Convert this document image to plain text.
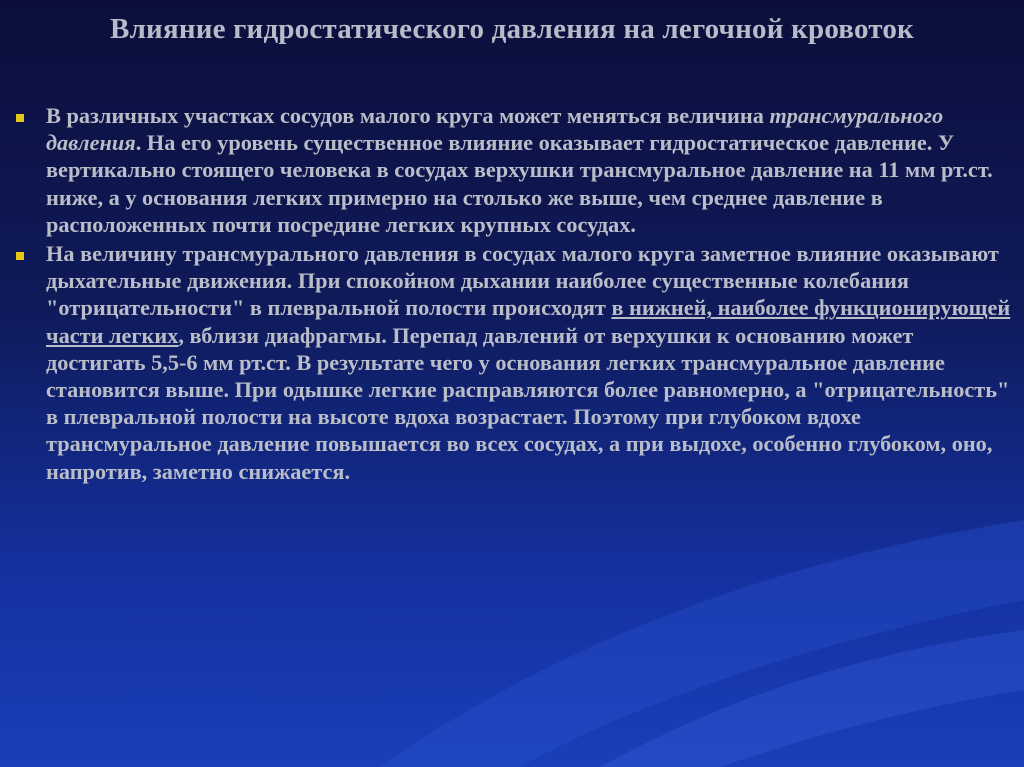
Влияние гидростатического давления на легочной кровоток
В различных участках сосудов малого круга может меняться величина трансмурального давления. На его уровень существенное влияние оказывает гидростатическое давление. У вертикально стоящего человека в сосудах верхушки трансмуральное давление на 11 мм рт.ст. ниже, а у основания легких примерно на столько же выше, чем среднее давление в расположенных почти посредине легких крупных сосудах.
На величину трансмурального давления в сосудах малого круга заметное влияние оказывают дыхательные движения. При спокойном дыхании наиболее существенные колебания "отрицательности" в плевральной полости происходят в нижней, наиболее функционирующей части легких, вблизи диафрагмы. Перепад давлений от верхушки к основанию может достигать 5,5-6 мм рт.ст. В результате чего у основания легких трансмуральное давление становится выше. При одышке легкие расправляются более равномерно, а "отрицательность" в плевральной полости на высоте вдоха возрастает. Поэтому при глубоком вдохе трансмуральное давление повышается во всех сосудах, а при выдохе, особенно глубоком, оно, напротив, заметно снижается.
